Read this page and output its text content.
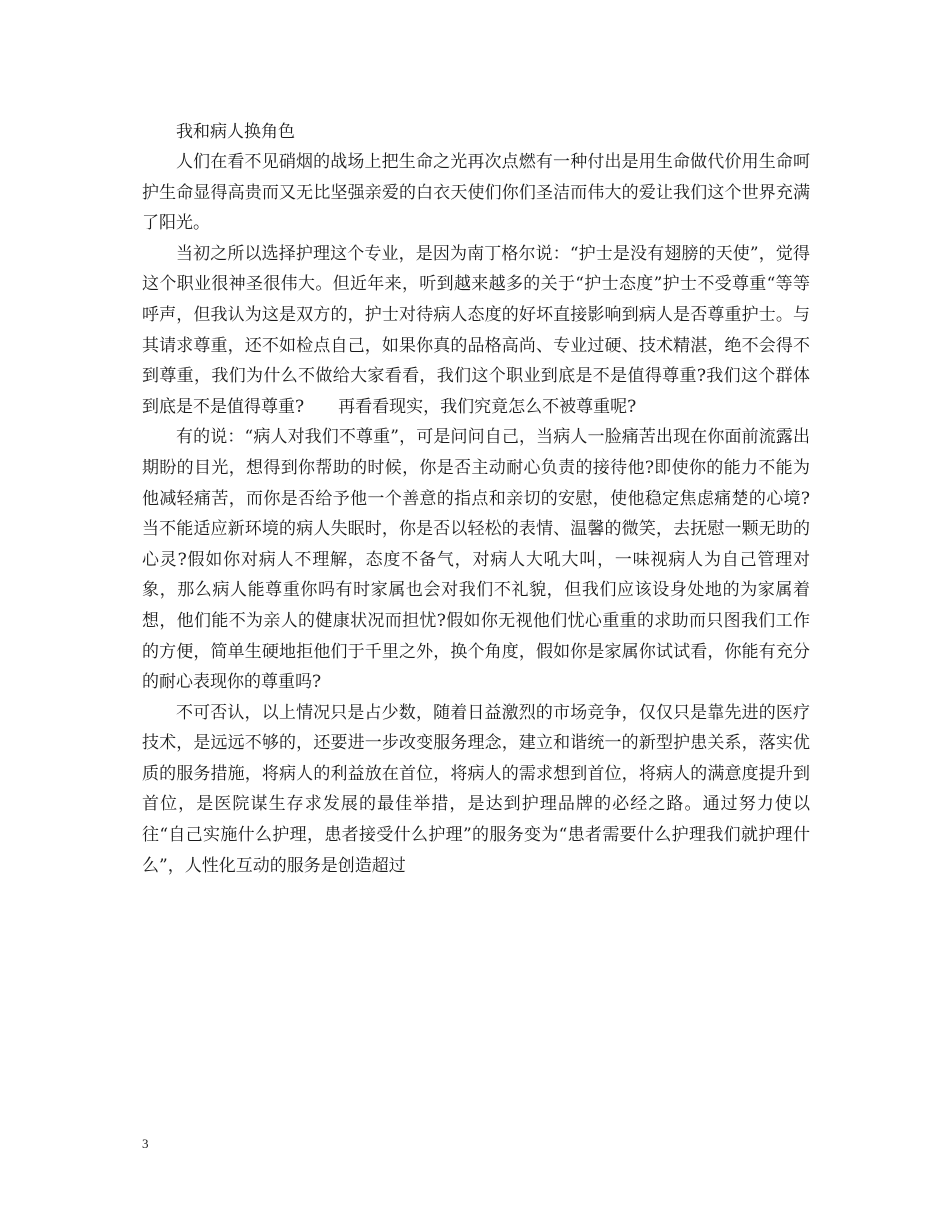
我和病人换角色

人们在看不见硝烟的战场上把生命之光再次点燃有一种付出是用生命做代价用生命呵护生命显得高贵而又无比坚强亲爱的白衣天使们你们圣洁而伟大的爱让我们这个世界充满了阳光。

当初之所以选择护理这个专业，是因为南丁格尔说：“护士是没有翅膀的天使”，觉得这个职业很神圣很伟大。但近年来，听到越来越多的关于“护士态度”护士不受尊重“等等呼声，但我认为这是双方的，护士对待病人态度的好坏直接影响到病人是否尊重护士。与其请求尊重，还不如检点自己，如果你真的品格高尚、专业过硬、技术精湛，绝不会得不到尊重，我们为什么不做给大家看看，我们这个职业到底是不是值得尊重?我们这个群体到底是不是值得尊重?　　再看看现实，我们究竟怎么不被尊重呢?

有的说：“病人对我们不尊重”，可是问问自己，当病人一脸痛苦出现在你面前流露出期盼的目光，想得到你帮助的时候，你是否主动耐心负责的接待他?即使你的能力不能为他减轻痛苦，而你是否给予他一个善意的指点和亲切的安慰，使他稳定焦虑痛楚的心境?当不能适应新环境的病人失眠时，你是否以轻松的表情、温馨的微笑，去抚慰一颗无助的心灵?假如你对病人不理解，态度不备气，对病人大吼大叫，一味视病人为自己管理对象，那么病人能尊重你吗有时家属也会对我们不礼貌，但我们应该设身处地的为家属着想，他们能不为亲人的健康状况而担忧?假如你无视他们忧心重重的求助而只图我们工作的方便，简单生硬地拒他们于千里之外，换个角度，假如你是家属你试试看，你能有充分的耐心表现你的尊重吗?

不可否认，以上情况只是占少数，随着日益激烈的市场竞争，仅仅只是靠先进的医疗技术，是远远不够的，还要进一步改变服务理念，建立和谐统一的新型护患关系，落实优质的服务措施，将病人的利益放在首位，将病人的需求想到首位，将病人的满意度提升到首位，是医院谋生存求发展的最佳举措，是达到护理品牌的必经之路。通过努力使以往“自己实施什么护理，患者接受什么护理”的服务变为“患者需要什么护理我们就护理什么”，人性化互动的服务是创造超过

3
